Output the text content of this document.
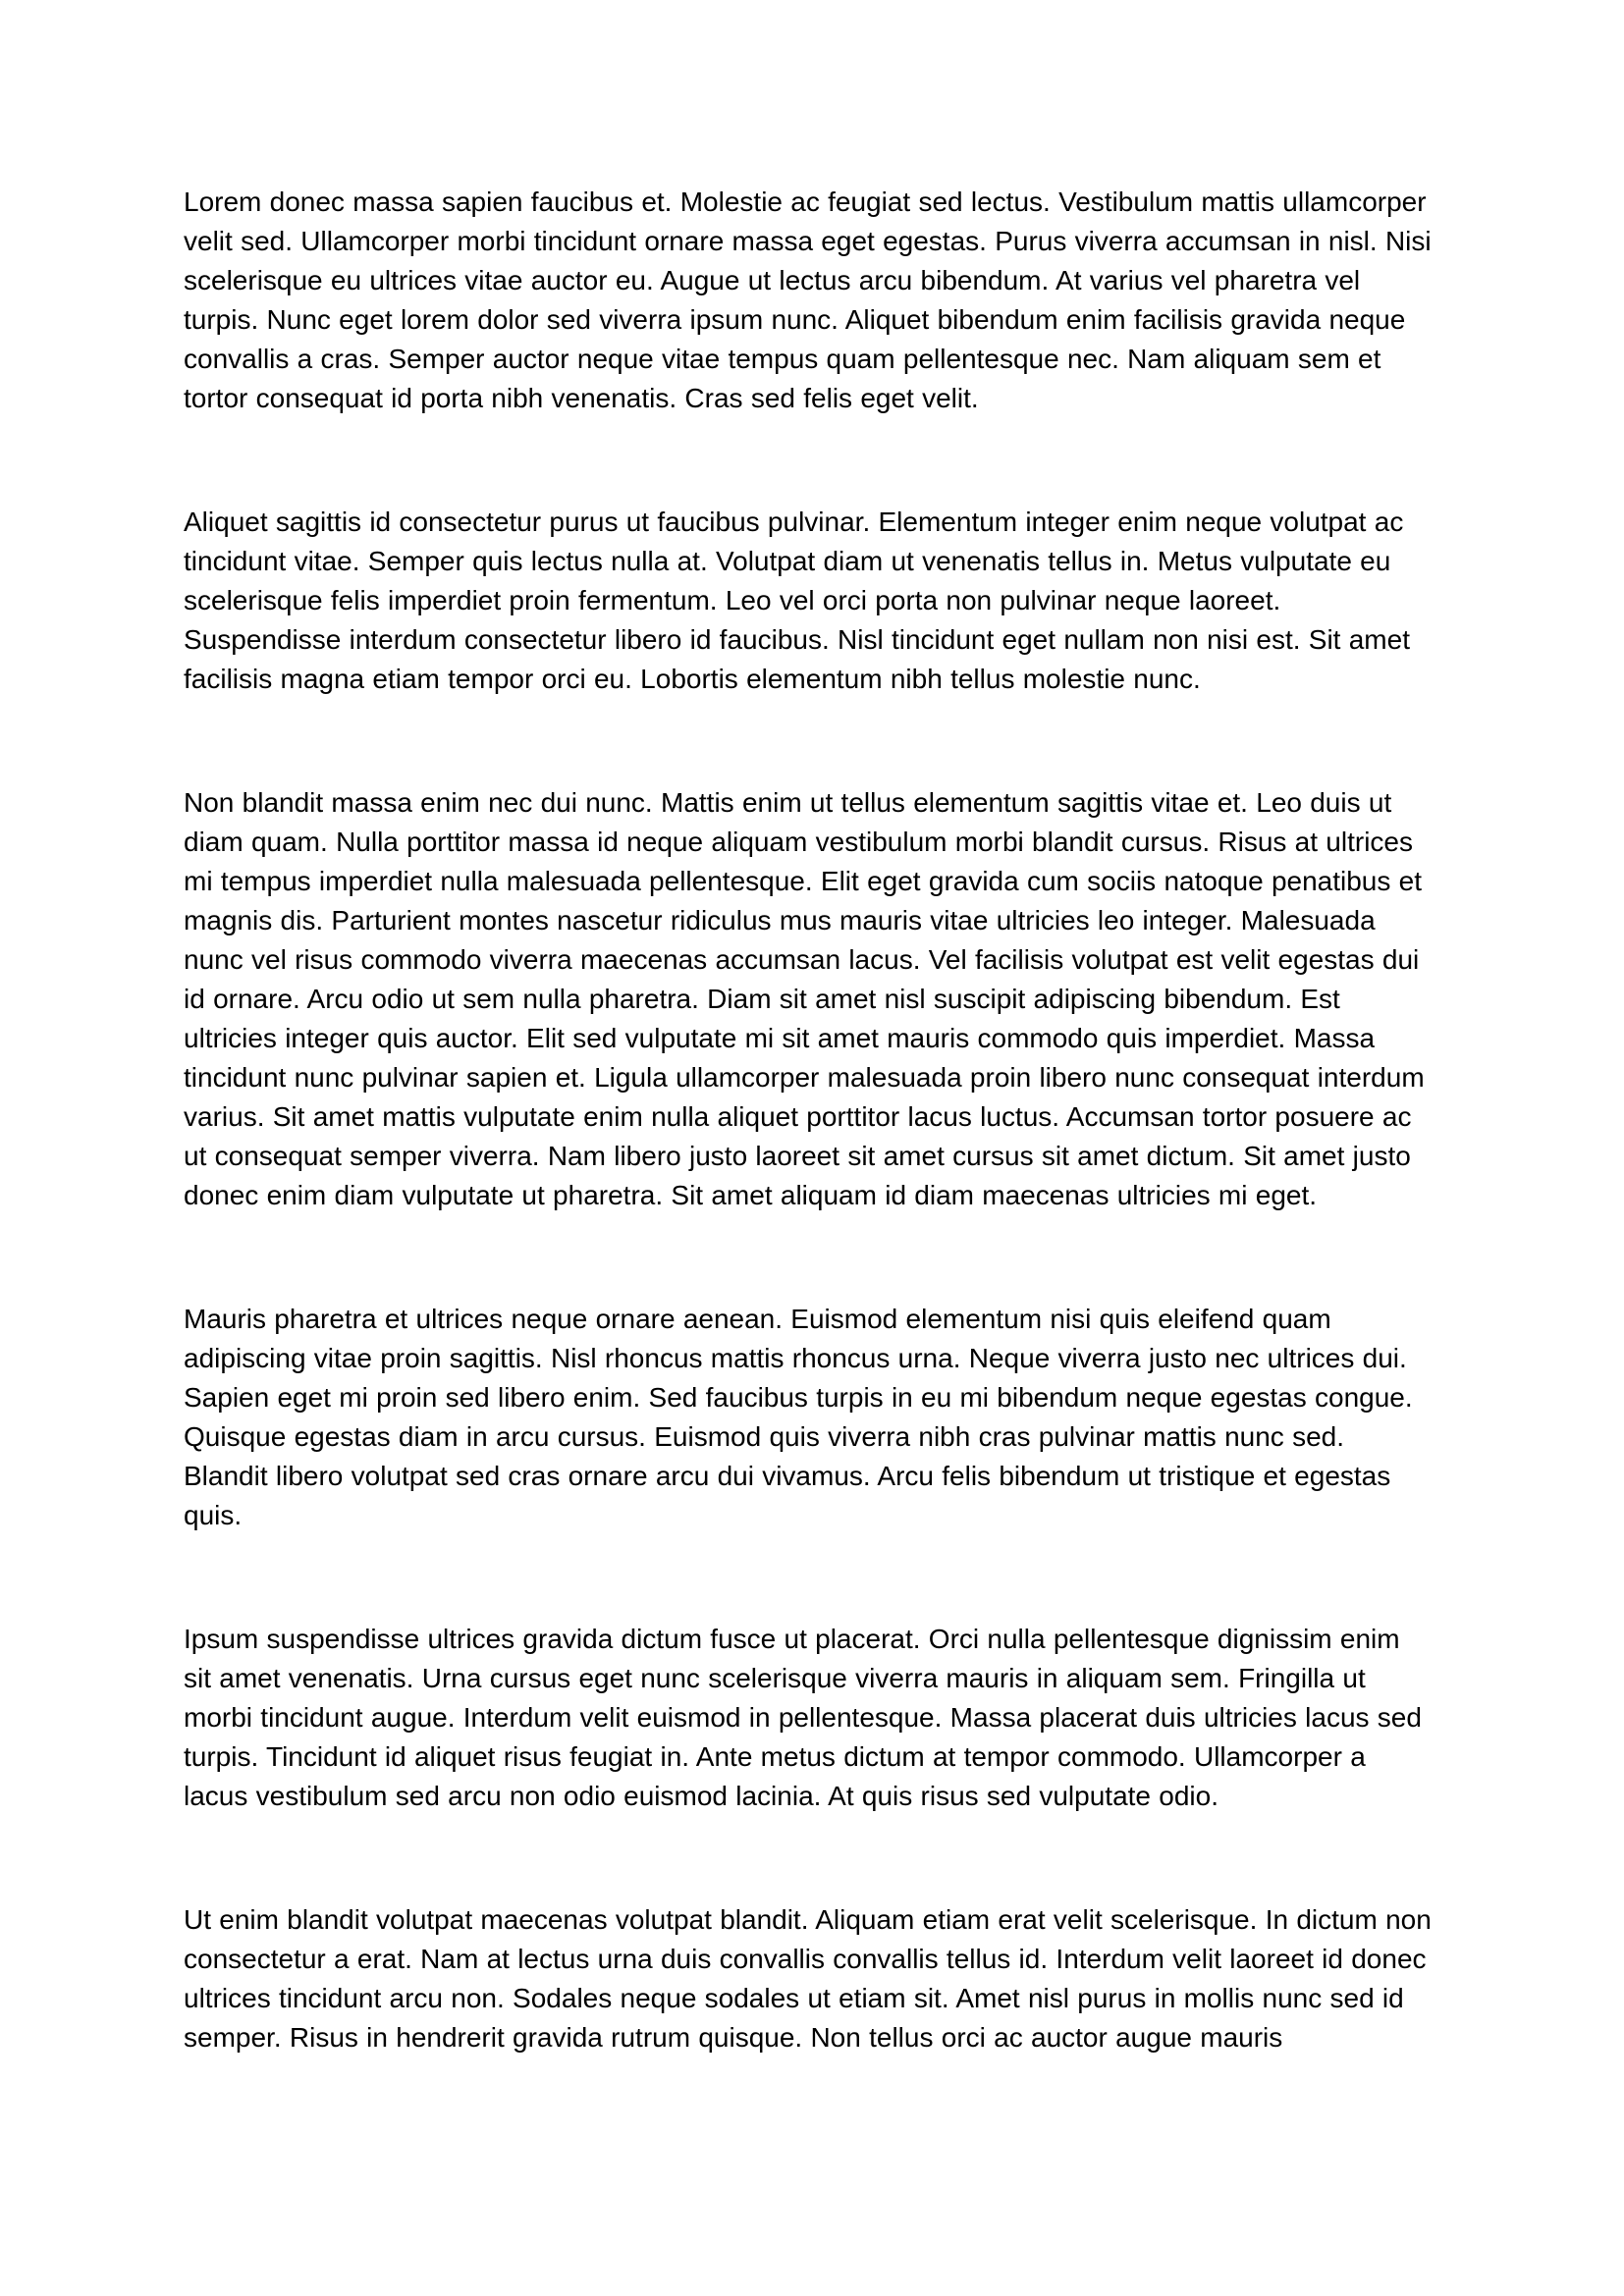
Lorem donec massa sapien faucibus et. Molestie ac feugiat sed lectus. Vestibulum mattis ullamcorper velit sed. Ullamcorper morbi tincidunt ornare massa eget egestas. Purus viverra accumsan in nisl. Nisi scelerisque eu ultrices vitae auctor eu. Augue ut lectus arcu bibendum. At varius vel pharetra vel turpis. Nunc eget lorem dolor sed viverra ipsum nunc. Aliquet bibendum enim facilisis gravida neque convallis a cras. Semper auctor neque vitae tempus quam pellentesque nec. Nam aliquam sem et tortor consequat id porta nibh venenatis. Cras sed felis eget velit.

Aliquet sagittis id consectetur purus ut faucibus pulvinar. Elementum integer enim neque volutpat ac tincidunt vitae. Semper quis lectus nulla at. Volutpat diam ut venenatis tellus in. Metus vulputate eu scelerisque felis imperdiet proin fermentum. Leo vel orci porta non pulvinar neque laoreet. Suspendisse interdum consectetur libero id faucibus. Nisl tincidunt eget nullam non nisi est. Sit amet facilisis magna etiam tempor orci eu. Lobortis elementum nibh tellus molestie nunc.

Non blandit massa enim nec dui nunc. Mattis enim ut tellus elementum sagittis vitae et. Leo duis ut diam quam. Nulla porttitor massa id neque aliquam vestibulum morbi blandit cursus. Risus at ultrices mi tempus imperdiet nulla malesuada pellentesque. Elit eget gravida cum sociis natoque penatibus et magnis dis. Parturient montes nascetur ridiculus mus mauris vitae ultricies leo integer. Malesuada nunc vel risus commodo viverra maecenas accumsan lacus. Vel facilisis volutpat est velit egestas dui id ornare. Arcu odio ut sem nulla pharetra. Diam sit amet nisl suscipit adipiscing bibendum. Est ultricies integer quis auctor. Elit sed vulputate mi sit amet mauris commodo quis imperdiet. Massa tincidunt nunc pulvinar sapien et. Ligula ullamcorper malesuada proin libero nunc consequat interdum varius. Sit amet mattis vulputate enim nulla aliquet porttitor lacus luctus. Accumsan tortor posuere ac ut consequat semper viverra. Nam libero justo laoreet sit amet cursus sit amet dictum. Sit amet justo donec enim diam vulputate ut pharetra. Sit amet aliquam id diam maecenas ultricies mi eget.

Mauris pharetra et ultrices neque ornare aenean. Euismod elementum nisi quis eleifend quam adipiscing vitae proin sagittis. Nisl rhoncus mattis rhoncus urna. Neque viverra justo nec ultrices dui. Sapien eget mi proin sed libero enim. Sed faucibus turpis in eu mi bibendum neque egestas congue. Quisque egestas diam in arcu cursus. Euismod quis viverra nibh cras pulvinar mattis nunc sed. Blandit libero volutpat sed cras ornare arcu dui vivamus. Arcu felis bibendum ut tristique et egestas quis.

Ipsum suspendisse ultrices gravida dictum fusce ut placerat. Orci nulla pellentesque dignissim enim sit amet venenatis. Urna cursus eget nunc scelerisque viverra mauris in aliquam sem. Fringilla ut morbi tincidunt augue. Interdum velit euismod in pellentesque. Massa placerat duis ultricies lacus sed turpis. Tincidunt id aliquet risus feugiat in. Ante metus dictum at tempor commodo. Ullamcorper a lacus vestibulum sed arcu non odio euismod lacinia. At quis risus sed vulputate odio.

Ut enim blandit volutpat maecenas volutpat blandit. Aliquam etiam erat velit scelerisque. In dictum non consectetur a erat. Nam at lectus urna duis convallis convallis tellus id. Interdum velit laoreet id donec ultrices tincidunt arcu non. Sodales neque sodales ut etiam sit. Amet nisl purus in mollis nunc sed id semper. Risus in hendrerit gravida rutrum quisque. Non tellus orci ac auctor augue mauris
